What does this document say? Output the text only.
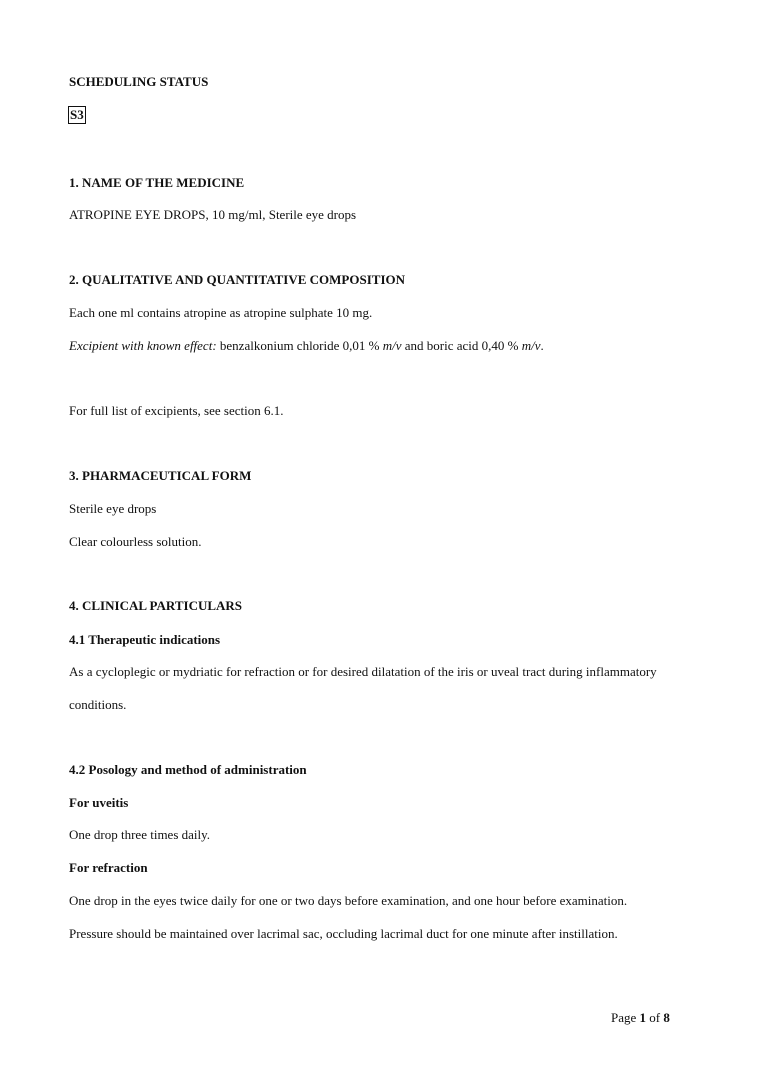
SCHEDULING STATUS
S3
1. NAME OF THE MEDICINE
ATROPINE EYE DROPS, 10 mg/ml, Sterile eye drops
2. QUALITATIVE AND QUANTITATIVE COMPOSITION
Each one ml contains atropine as atropine sulphate 10 mg.
Excipient with known effect: benzalkonium chloride 0,01 % m/v and boric acid 0,40 % m/v.
For full list of excipients, see section 6.1.
3. PHARMACEUTICAL FORM
Sterile eye drops
Clear colourless solution.
4. CLINICAL PARTICULARS
4.1 Therapeutic indications
As a cycloplegic or mydriatic for refraction or for desired dilatation of the iris or uveal tract during inflammatory
conditions.
4.2 Posology and method of administration
For uveitis
One drop three times daily.
For refraction
One drop in the eyes twice daily for one or two days before examination, and one hour before examination.
Pressure should be maintained over lacrimal sac, occluding lacrimal duct for one minute after instillation.
Page 1 of 8
